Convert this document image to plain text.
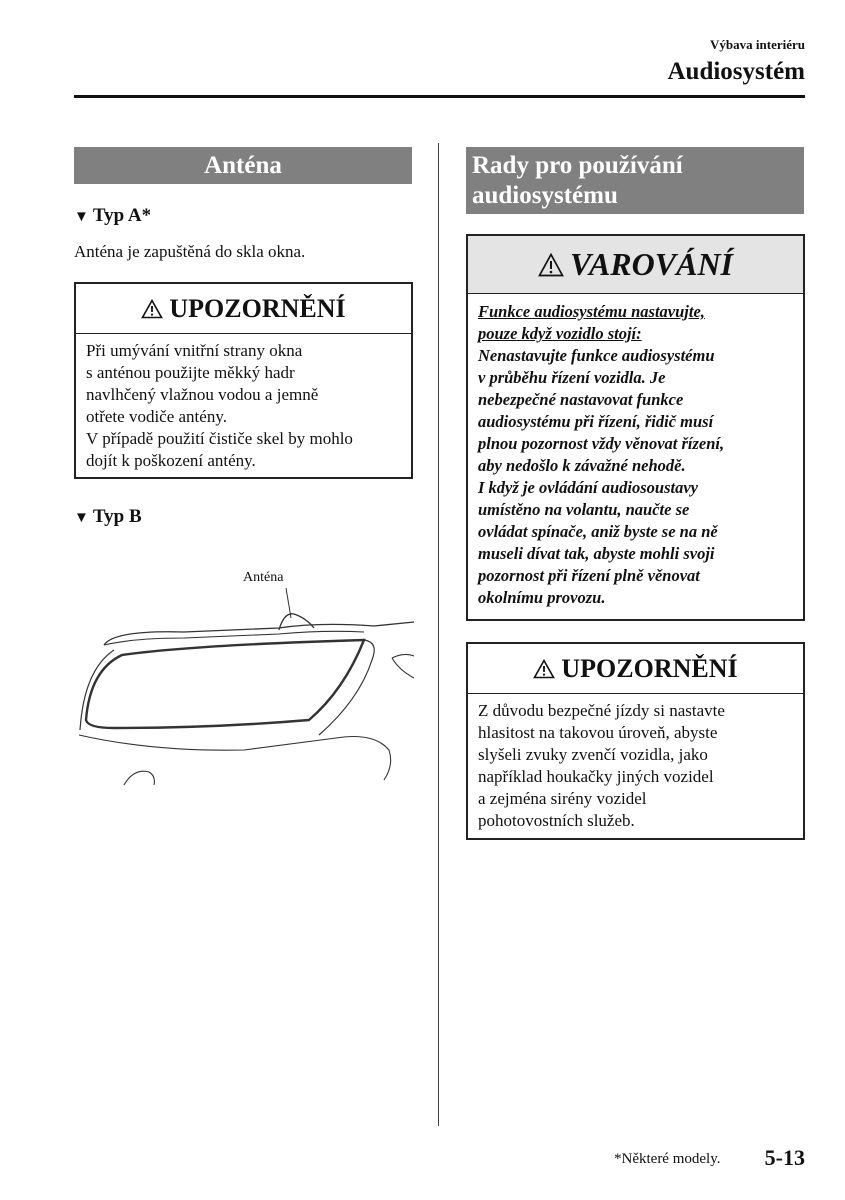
Výbava interiéru
Audiosystém
Anténa
▼ Typ A*
Anténa je zapuštěná do skla okna.
UPOZORNĚNÍ
Při umývání vnitřní strany okna
s anténou použijte měkký hadr
navlhčený vlažnou vodou a jemně
otřete vodiče antény.
V případě použití čističe skel by mohlo
dojít k poškození antény.
▼ Typ B
Anténa
Rady pro používání
audiosystému
VAROVÁNÍ
Funkce audiosystému nastavujte,
pouze když vozidlo stojí:
Nenastavujte funkce audiosystému
v průběhu řízení vozidla. Je
nebezpečné nastavovat funkce
audiosystému při řízení, řidič musí
plnou pozornost vždy věnovat řízení,
aby nedošlo k závažné nehodě.
I když je ovládání audiosoustavy
umístěno na volantu, naučte se
ovládat spínače, aniž byste se na ně
museli dívat tak, abyste mohli svoji
pozornost při řízení plně věnovat
okolnímu provozu.
UPOZORNĚNÍ
Z důvodu bezpečné jízdy si nastavte
hlasitost na takovou úroveň, abyste
slyšeli zvuky zvenčí vozidla, jako
například houkačky jiných vozidel
a zejména sirény vozidel
pohotovostních služeb.
*Některé modely. 5-13
